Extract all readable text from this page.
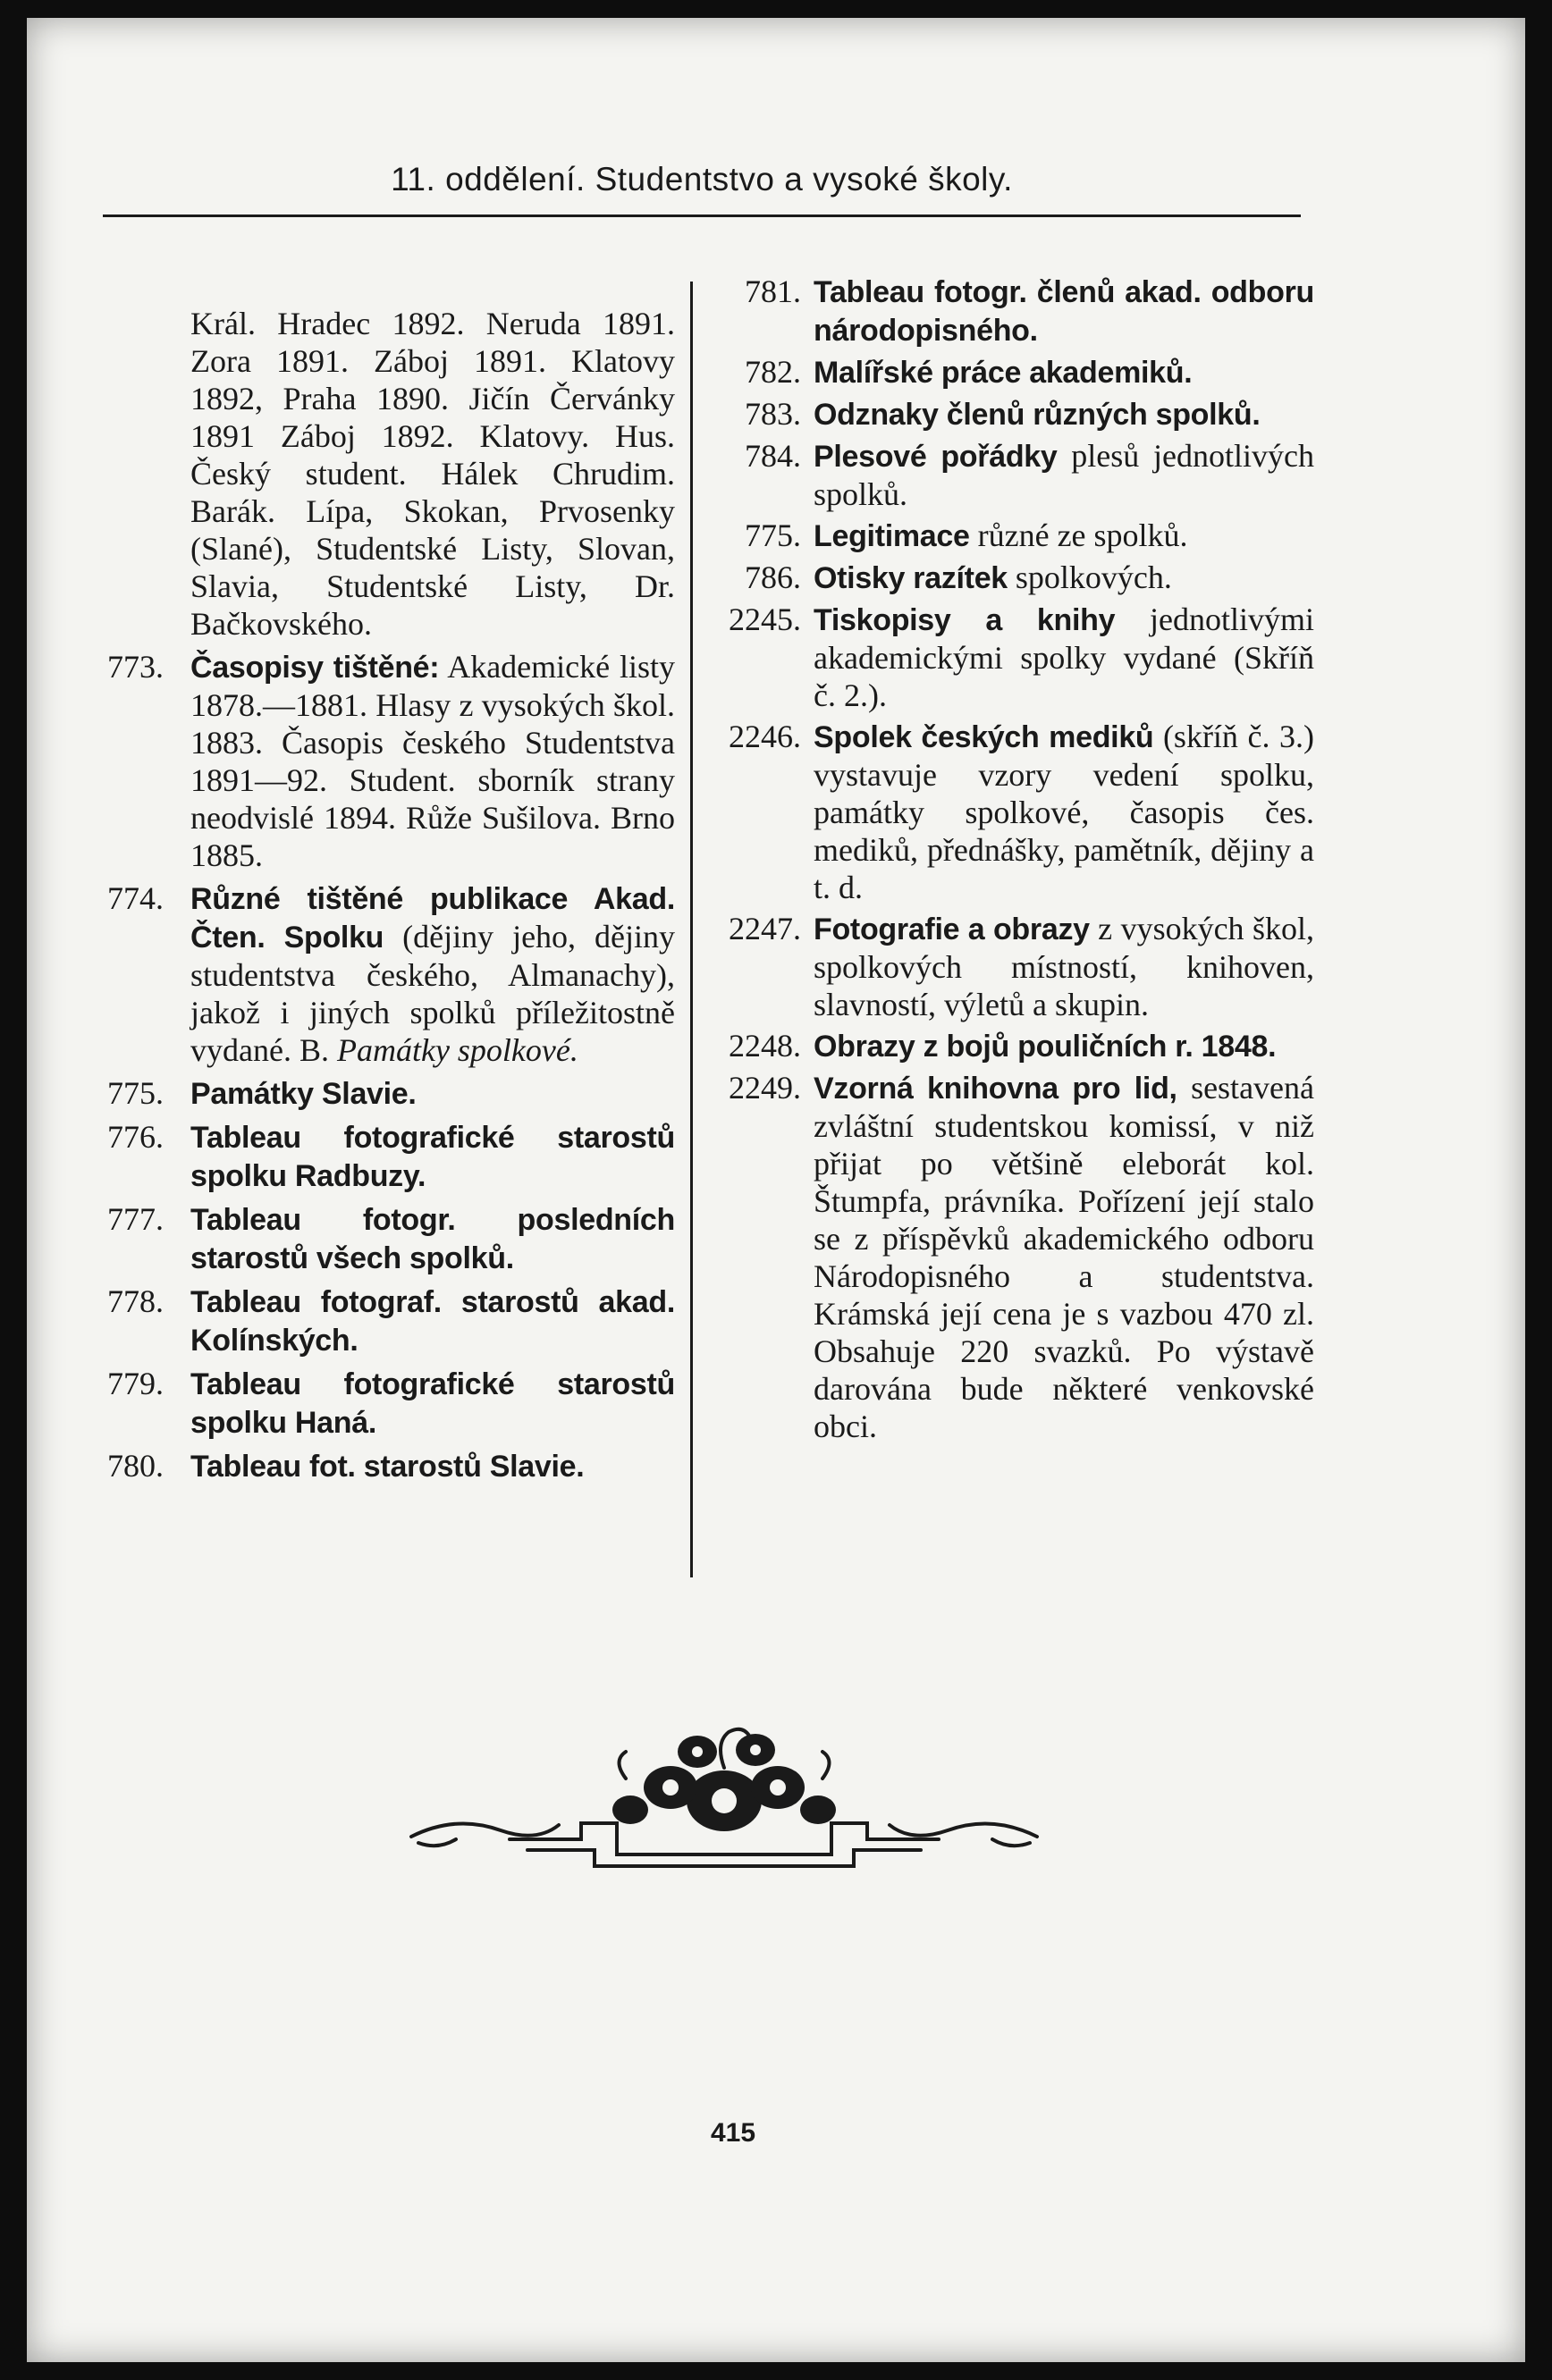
11. oddělení. Studentstvo a vysoké školy.

Král. Hradec 1892. Neruda 1891. Zora 1891. Záboj 1891. Klatovy 1892, Praha 1890. Jičín Červánky 1891 Záboj 1892. Klatovy. Hus. Český student. Hálek Chrudim. Barák. Lípa, Skokan, Prvosenky (Slané), Studentské Listy, Slovan, Slavia, Studentské Listy, Dr. Bačkovského.

773. Časopisy tištěné: Akademické listy 1878.—1881. Hlasy z vysokých škol. 1883. Časopis českého Studentstva 1891—92. Student. sborník strany neodvislé 1894. Růže Sušilova. Brno 1885.

774. Různé tištěné publikace Akad. Čten. Spolku (dějiny jeho, dějiny studentstva českého, Almanachy), jakož i jiných spolků příležitostně vydané. B. Památky spolkové.

775. Památky Slavie.

776. Tableau fotografické starostů spolku Radbuzy.

777. Tableau fotogr. posledních starostů všech spolků.

778. Tableau fotograf. starostů akad. Kolínských.

779. Tableau fotografické starostů spolku Haná.

780. Tableau fot. starostů Slavie.

781. Tableau fotogr. členů akad. odboru národopisného.

782. Malířské práce akademiků.

783. Odznaky členů různých spolků.

784. Plesové pořádky plesů jednotlivých spolků.

775. Legitimace různé ze spolků.

786. Otisky razítek spolkových.

2245. Tiskopisy a knihy jednotlivými akademickými spolky vydané (Skříň č. 2.).

2246. Spolek českých mediků (skříň č. 3.) vystavuje vzory vedení spolku, památky spolkové, časopis čes. mediků, přednášky, pamětník, dějiny a t. d.

2247. Fotografie a obrazy z vysokých škol, spolkových místností, knihoven, slavností, výletů a skupin.

2248. Obrazy z bojů pouličních r. 1848.

2249. Vzorná knihovna pro lid, sestavená zvláštní studentskou komissí, v niž přijat po většině eleborát kol. Štumpfa, právníka. Pořízení její stalo se z příspěvků akademického odboru Národopisného a studentstva. Krámská její cena je s vazbou 470 zl. Obsahuje 220 svazků. Po výstavě darována bude některé venkovské obci.

415
